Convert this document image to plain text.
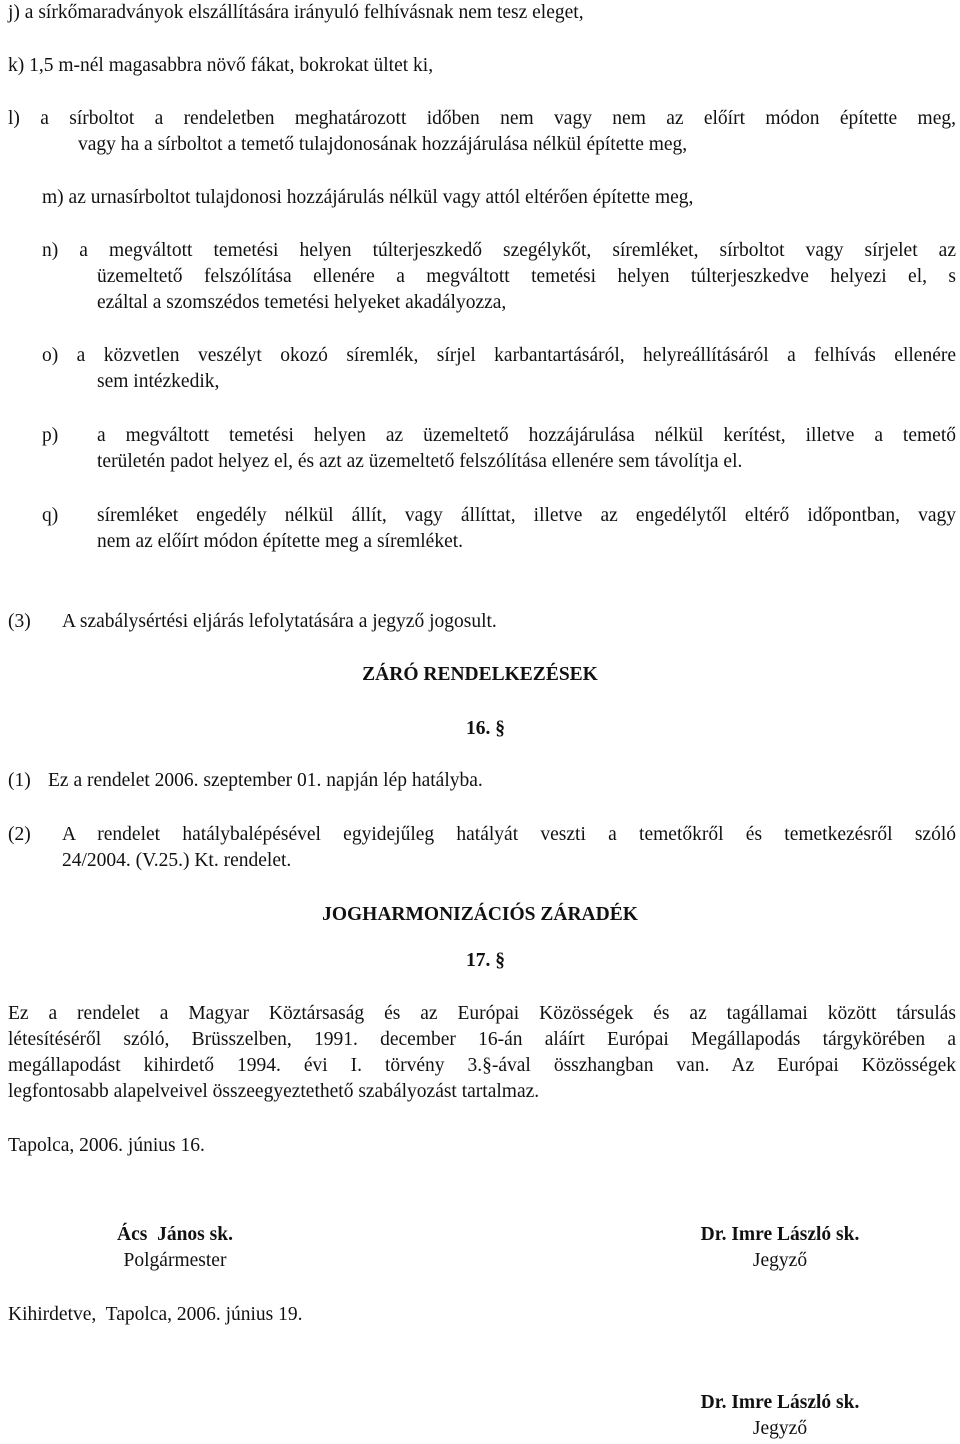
j) a sírkőmaradványok elszállítására irányuló felhívásnak nem tesz eleget,
k) 1,5 m-nél magasabbra növő fákat, bokrokat ültet ki,
l) a sírboltot a rendeletben meghatározott időben nem vagy nem az előírt módon építette meg,
vagy ha a sírboltot a temető tulajdonosának hozzájárulása nélkül építette meg,
m) az urnasírboltot tulajdonosi hozzájárulás nélkül vagy attól eltérően építette meg,
n) a megváltott temetési helyen túlterjeszkedő szegélykőt, síremléket, sírboltot vagy sírjelet az
üzemeltető felszólítása ellenére a megváltott temetési helyen túlterjeszkedve helyezi el, s
ezáltal a szomszédos temetési helyeket akadályozza,
o) a közvetlen veszélyt okozó síremlék, sírjel karbantartásáról, helyreállításáról a felhívás ellenére
sem intézkedik,
p) a megváltott temetési helyen az üzemeltető hozzájárulása nélkül kerítést, illetve a temető
területén padot helyez el, és azt az üzemeltető felszólítása ellenére sem távolítja el.
q) síremléket engedély nélkül állít, vagy állíttat, illetve az engedélytől eltérő időpontban, vagy
nem az előírt módon építette meg a síremléket.
(3) A szabálysértési eljárás lefolytatására a jegyző jogosult.
ZÁRÓ RENDELKEZÉSEK
16. §
(1) Ez a rendelet 2006. szeptember 01. napján lép hatályba.
(2) A rendelet hatálybalépésével egyidejűleg hatályát veszti a temetőkről és temetkezésről szóló
24/2004. (V.25.) Kt. rendelet.
JOGHARMONIZÁCIÓS ZÁRADÉK
17. §
Ez a rendelet a Magyar Köztársaság és az Európai Közösségek és az tagállamai között társulás
létesítéséről szóló, Brüsszelben, 1991. december 16-án aláírt Európai Megállapodás tárgykörében a
megállapodást kihirdető 1994. évi I. törvény 3.§-ával összhangban van. Az Európai Közösségek
legfontosabb alapelveivel összeegyeztethető szabályozást tartalmaz.
Tapolca, 2006. június 16.
Ács  János sk.
Polgármester
Dr. Imre László sk.
Jegyző
Kihirdetve,  Tapolca, 2006. június 19.
Dr. Imre László sk.
Jegyző
